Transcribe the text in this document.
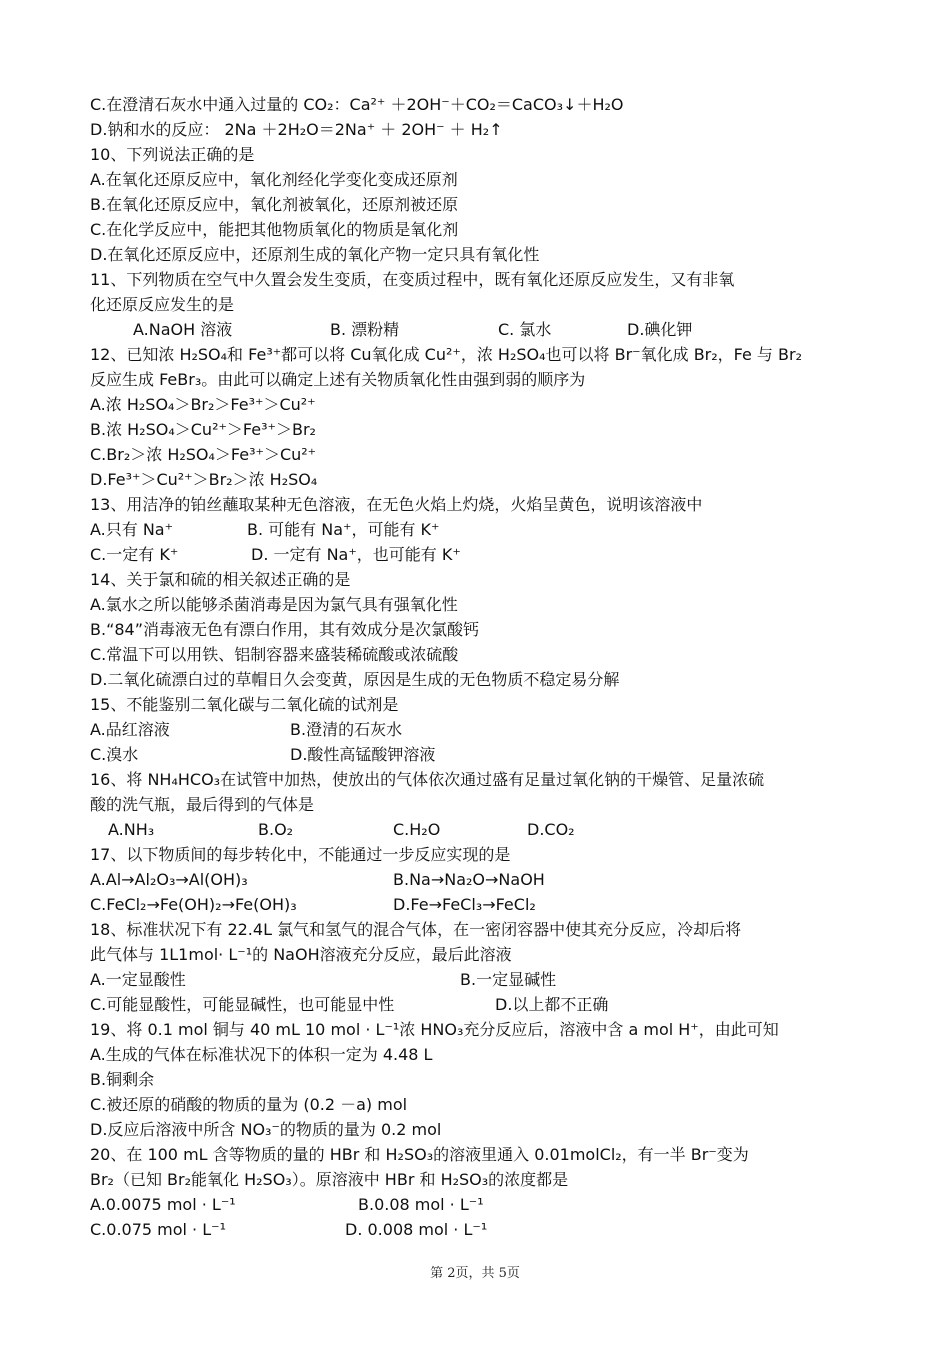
C.在澄清石灰水中通入过量的 CO₂：Ca²⁺ ＋2OH⁻＋CO₂＝CaCO₃↓＋H₂O
D.钠和水的反应： 2Na ＋2H₂O＝2Na⁺ ＋ 2OH⁻ ＋ H₂↑
10、下列说法正确的是
A.在氧化还原反应中，氧化剂经化学变化变成还原剂
B.在氧化还原反应中，氧化剂被氧化，还原剂被还原
C.在化学反应中，能把其他物质氧化的物质是氧化剂
D.在氧化还原反应中，还原剂生成的氧化产物一定只具有氧化性
11、下列物质在空气中久置会发生变质，在变质过程中，既有氧化还原反应发生，又有非氧
化还原反应发生的是
A.NaOH 溶液	B. 漂粉精	C. 氯水	D.碘化钾
12、已知浓 H₂SO₄和 Fe³⁺都可以将 Cu氧化成 Cu²⁺，浓 H₂SO₄也可以将 Br⁻氧化成 Br₂，Fe 与 Br₂
反应生成 FeBr₃。由此可以确定上述有关物质氧化性由强到弱的顺序为
A.浓 H₂SO₄＞Br₂＞Fe³⁺＞Cu²⁺
B.浓 H₂SO₄＞Cu²⁺＞Fe³⁺＞Br₂
C.Br₂＞浓 H₂SO₄＞Fe³⁺＞Cu²⁺
D.Fe³⁺＞Cu²⁺＞Br₂＞浓 H₂SO₄
13、用洁净的铂丝蘸取某种无色溶液，在无色火焰上灼烧，火焰呈黄色，说明该溶液中
A.只有 Na⁺	B. 可能有 Na⁺，可能有 K⁺
C.一定有 K⁺	D. 一定有 Na⁺，也可能有 K⁺
14、关于氯和硫的相关叙述正确的是
A.氯水之所以能够杀菌消毒是因为氯气具有强氧化性
B.“84”消毒液无色有漂白作用，其有效成分是次氯酸钙
C.常温下可以用铁、铝制容器来盛装稀硫酸或浓硫酸
D.二氧化硫漂白过的草帽日久会变黄，原因是生成的无色物质不稳定易分解
15、不能鉴别二氧化碳与二氧化硫的试剂是
A.品红溶液	B.澄清的石灰水
C.溴水	D.酸性高锰酸钾溶液
16、将 NH₄HCO₃在试管中加热，使放出的气体依次通过盛有足量过氧化钠的干燥管、足量浓硫
酸的洗气瓶，最后得到的气体是
A.NH₃	B.O₂	C.H₂O	D.CO₂
17、以下物质间的每步转化中，不能通过一步反应实现的是
A.Al→Al₂O₃→Al(OH)₃	B.Na→Na₂O→NaOH
C.FeCl₂→Fe(OH)₂→Fe(OH)₃	D.Fe→FeCl₃→FeCl₂
18、标准状况下有 22.4L 氯气和氢气的混合气体，在一密闭容器中使其充分反应，冷却后将
此气体与 1L1mol· L⁻¹的 NaOH溶液充分反应，最后此溶液
A.一定显酸性	B.一定显碱性
C.可能显酸性，可能显碱性，也可能显中性	D.以上都不正确
19、将 0.1 mol 铜与 40 mL 10 mol · L⁻¹浓 HNO₃充分反应后，溶液中含 a mol H⁺，由此可知
A.生成的气体在标准状况下的体积一定为 4.48 L
B.铜剩余
C.被还原的硝酸的物质的量为 (0.2 －a) mol
D.反应后溶液中所含 NO₃⁻的物质的量为 0.2 mol
20、在 100 mL 含等物质的量的 HBr 和 H₂SO₃的溶液里通入 0.01molCl₂，有一半 Br⁻变为
Br₂（已知 Br₂能氧化 H₂SO₃）。原溶液中 HBr 和 H₂SO₃的浓度都是
A.0.0075 mol · L⁻¹	B.0.08 mol · L⁻¹
C.0.075 mol · L⁻¹	D. 0.008 mol · L⁻¹
第 2页，共 5页
